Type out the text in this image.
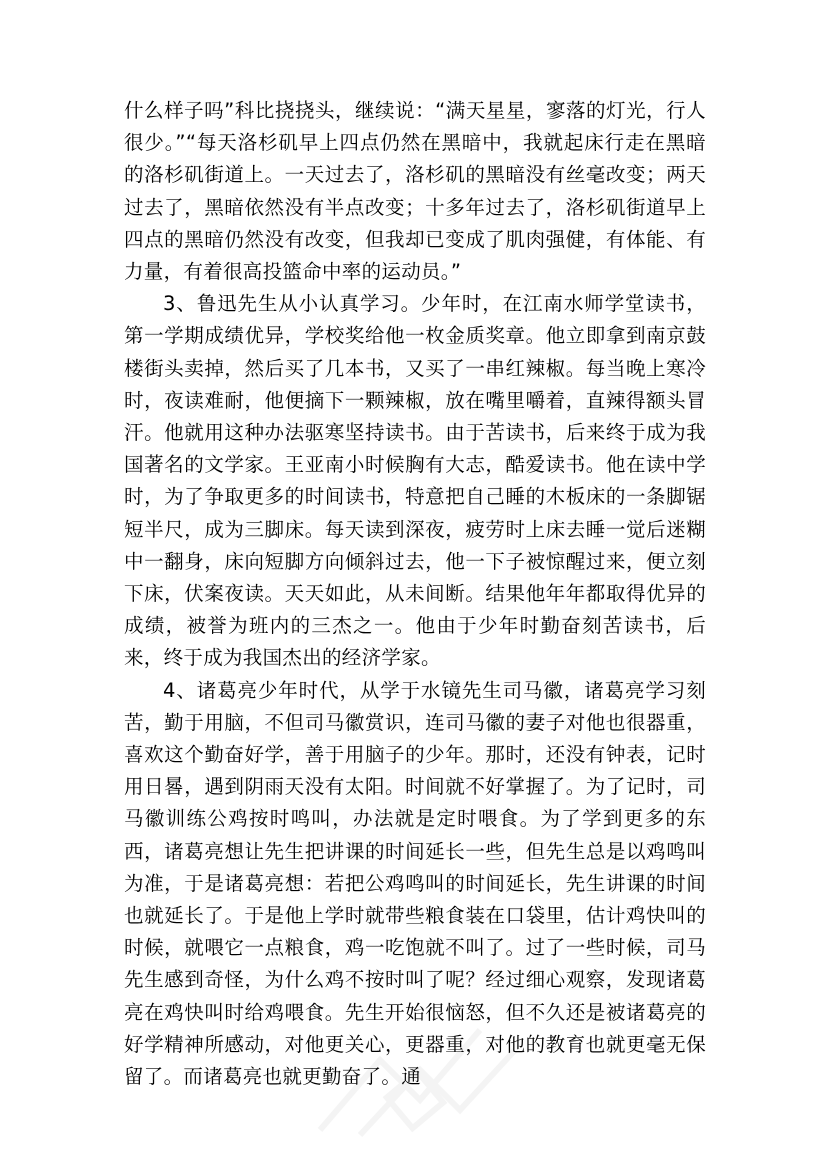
什么样子吗”科比挠挠头，继续说：“满天星星，寥落的灯光，行人很少。”“每天洛杉矶早上四点仍然在黑暗中，我就起床行走在黑暗的洛杉矶街道上。一天过去了，洛杉矶的黑暗没有丝毫改变；两天过去了，黑暗依然没有半点改变；十多年过去了，洛杉矶街道早上四点的黑暗仍然没有改变，但我却已变成了肌肉强健，有体能、有力量，有着很高投篮命中率的运动员。”

3、鲁迅先生从小认真学习。少年时，在江南水师学堂读书，第一学期成绩优异，学校奖给他一枚金质奖章。他立即拿到南京鼓楼街头卖掉，然后买了几本书，又买了一串红辣椒。每当晚上寒冷时，夜读难耐，他便摘下一颗辣椒，放在嘴里嚼着，直辣得额头冒汗。他就用这种办法驱寒坚持读书。由于苦读书，后来终于成为我国著名的文学家。王亚南小时候胸有大志，酷爱读书。他在读中学时，为了争取更多的时间读书，特意把自己睡的木板床的一条脚锯短半尺，成为三脚床。每天读到深夜，疲劳时上床去睡一觉后迷糊中一翻身，床向短脚方向倾斜过去，他一下子被惊醒过来，便立刻下床，伏案夜读。天天如此，从未间断。结果他年年都取得优异的成绩，被誉为班内的三杰之一。他由于少年时勤奋刻苦读书，后来，终于成为我国杰出的经济学家。

4、诸葛亮少年时代，从学于水镜先生司马徽，诸葛亮学习刻苦，勤于用脑，不但司马徽赏识，连司马徽的妻子对他也很器重，喜欢这个勤奋好学，善于用脑子的少年。那时，还没有钟表，记时用日晷，遇到阴雨天没有太阳。时间就不好掌握了。为了记时，司马徽训练公鸡按时鸣叫，办法就是定时喂食。为了学到更多的东西，诸葛亮想让先生把讲课的时间延长一些，但先生总是以鸡鸣叫为准，于是诸葛亮想：若把公鸡鸣叫的时间延长，先生讲课的时间也就延长了。于是他上学时就带些粮食装在口袋里，估计鸡快叫的时候，就喂它一点粮食，鸡一吃饱就不叫了。过了一些时候，司马先生感到奇怪，为什么鸡不按时叫了呢？经过细心观察，发现诸葛亮在鸡快叫时给鸡喂食。先生开始很恼怒，但不久还是被诸葛亮的好学精神所感动，对他更关心，更器重，对他的教育也就更毫无保留了。而诸葛亮也就更勤奋了。通
